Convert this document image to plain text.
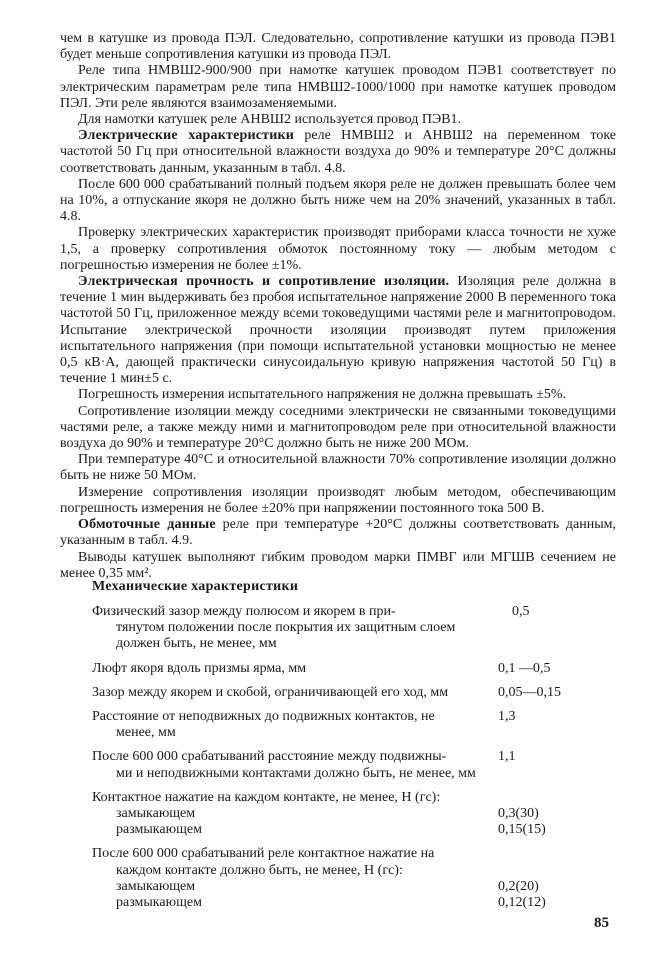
чем в катушке из провода ПЭЛ. Следовательно, сопротивление катушки из провода ПЭВ1 будет меньше сопротивления катушки из провода ПЭЛ.

Реле типа НМВШ2-900/900 при намотке катушек проводом ПЭВ1 соответствует по электрическим параметрам реле типа НМВШ2-1000/1000 при намотке катушек проводом ПЭЛ. Эти реле являются взаимозаменяемыми.

Для намотки катушек реле АНВШ2 используется провод ПЭВ1.

Электрические характеристики реле НМВШ2 и АНВШ2 на переменном токе частотой 50 Гц при относительной влажности воздуха до 90% и температуре 20°С должны соответствовать данным, указанным в табл. 4.8.

После 600 000 срабатываний полный подъем якоря реле не должен превышать более чем на 10%, а отпускание якоря не должно быть ниже чем на 20% значений, указанных в табл. 4.8.

Проверку электрических характеристик производят приборами класса точности не хуже 1,5, а проверку сопротивления обмоток постоянному току — любым методом с погрешностью измерения не более ±1%.

Электрическая прочность и сопротивление изоляции. Изоляция реле должна в течение 1 мин выдерживать без пробоя испытательное напряжение 2000 В переменного тока частотой 50 Гц, приложенное между всеми токоведущими частями реле и магнитопроводом. Испытание электрической прочности изоляции производят путем приложения испытательного напряжения (при помощи испытательной установки мощностью не менее 0,5 кВ·А, дающей практически синусоидальную кривую напряжения частотой 50 Гц) в течение 1 мин±5 с.

Погрешность измерения испытательного напряжения не должна превышать ±5%.

Сопротивление изоляции между соседними электрически не связанными токоведущими частями реле, а также между ними и магнитопроводом реле при относительной влажности воздуха до 90% и температуре 20°С должно быть не ниже 200 МОм.

При температуре 40°С и относительной влажности 70% сопротивление изоляции должно быть не ниже 50 МОм.

Измерение сопротивления изоляции производят любым методом, обеспечивающим погрешность измерения не более ±20% при напряжении постоянного тока 500 В.

Обмоточные данные реле при температуре +20°С должны соответствовать данным, указанным в табл. 4.9.

Выводы катушек выполняют гибким проводом марки ПМВГ или МГШВ сечением не менее 0,35 мм².

Механические характеристики
Физический зазор между полюсом и якорем в при-
тянутом положении после покрытия их защитным слоем должен быть, не менее, мм
0,5
Люфт якоря вдоль призмы ярма, мм	0,1 —0,5
Зазор между якорем и скобой, ограничивающей его ход, мм	0,05—0,15
Расстояние от неподвижных до подвижных контактов, не
менее, мм
1,3
После 600 000 срабатываний расстояние между подвижны-
ми и неподвижными контактами должно быть, не менее, мм
1,1
Контактное нажатие на каждом контакте, не менее, Н (гс):
замыкающем
размыкающем

0,3(30)
0,15(15)
После 600 000 срабатываний реле контактное нажатие на
каждом контакте должно быть, не менее, Н (гс):
замыкающем
размыкающем

0,2(20)
0,12(12)
85
